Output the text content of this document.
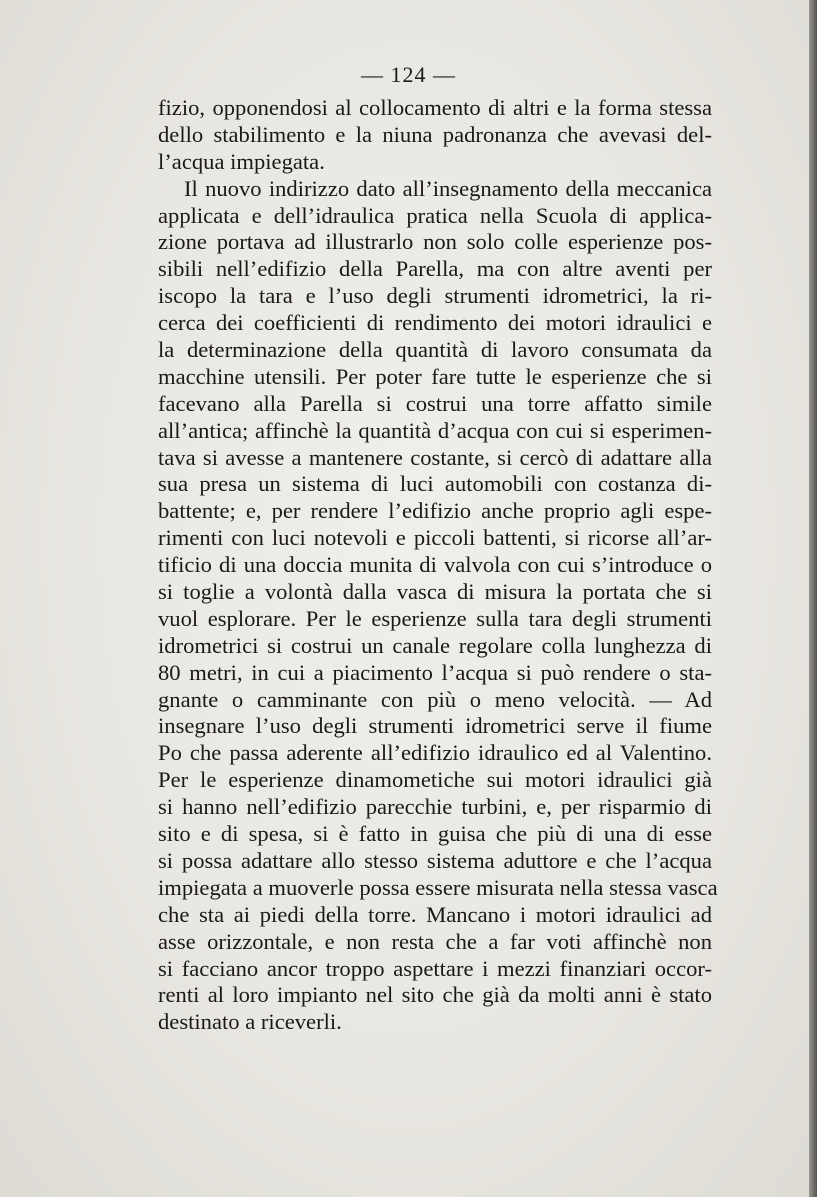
— 124 —
fizio, opponendosi al collocamento di altri e la forma stessa
dello stabilimento e la niuna padronanza che avevasi del-
l’acqua impiegata.
Il nuovo indirizzo dato all’insegnamento della meccanica
applicata e dell’idraulica pratica nella Scuola di applica-
zione portava ad illustrarlo non solo colle esperienze pos-
sibili nell’edifizio della Parella, ma con altre aventi per
iscopo la tara e l’uso degli strumenti idrometrici, la ri-
cerca dei coefficienti di rendimento dei motori idraulici e
la determinazione della quantità di lavoro consumata da
macchine utensili. Per poter fare tutte le esperienze che si
facevano alla Parella si costrui una torre affatto simile
all’antica; affinchè la quantità d’acqua con cui si esperimen-
tava si avesse a mantenere costante, si cercò di adattare alla
sua presa un sistema di luci automobili con costanza di-
battente; e, per rendere l’edifizio anche proprio agli espe-
rimenti con luci notevoli e piccoli battenti, si ricorse all’ar-
tificio di una doccia munita di valvola con cui s’introduce o
si toglie a volontà dalla vasca di misura la portata che si
vuol esplorare. Per le esperienze sulla tara degli strumenti
idrometrici si costrui un canale regolare colla lunghezza di
80 metri, in cui a piacimento l’acqua si può rendere o sta-
gnante o camminante con più o meno velocità. — Ad
insegnare l’uso degli strumenti idrometrici serve il fiume
Po che passa aderente all’edifizio idraulico ed al Valentino.
Per le esperienze dinamometiche sui motori idraulici già
si hanno nell’edifizio parecchie turbini, e, per risparmio di
sito e di spesa, si è fatto in guisa che più di una di esse
si possa adattare allo stesso sistema aduttore e che l’acqua
impiegata a muoverle possa essere misurata nella stessa vasca
che sta ai piedi della torre. Mancano i motori idraulici ad
asse orizzontale, e non resta che a far voti affinchè non
si facciano ancor troppo aspettare i mezzi finanziari occor-
renti al loro impianto nel sito che già da molti anni è stato
destinato a riceverli.
